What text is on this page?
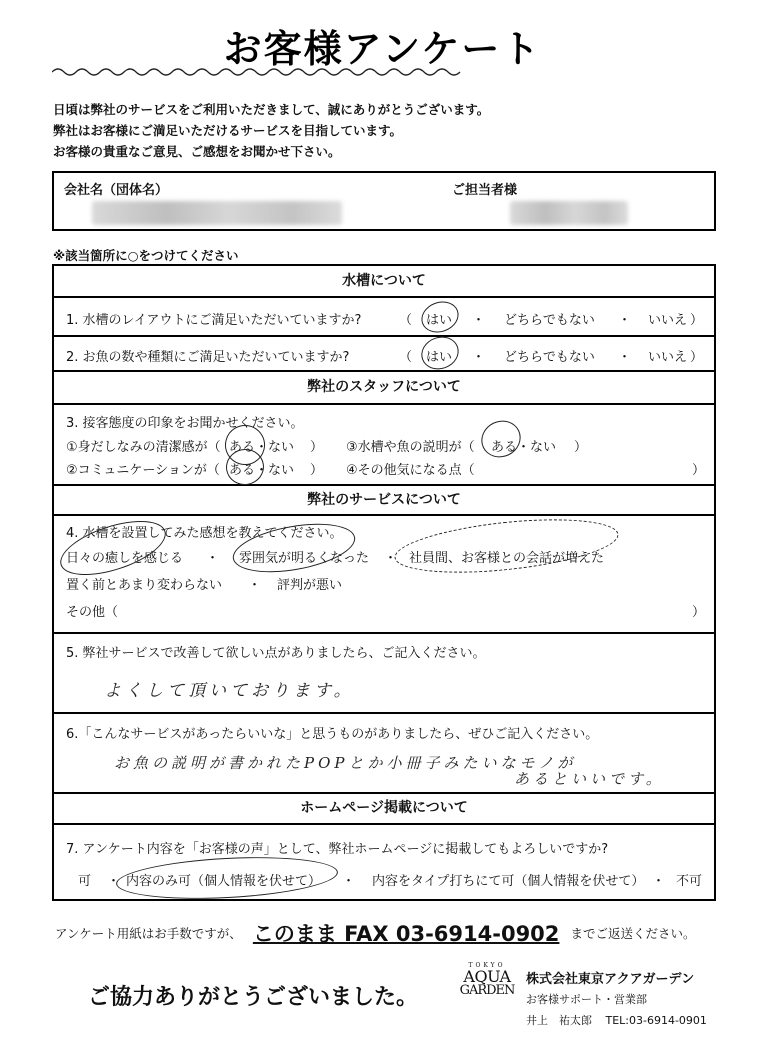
お客様アンケート
日頃は弊社のサービスをご利用いただきまして、誠にありがとうございます。
弊社はお客様にご満足いただけるサービスを目指しています。
お客様の貴重なご意見、ご感想をお聞かせ下さい。
会社名（団体名）	ご担当者様
※該当箇所に○をつけてください
水槽について
1. 水槽のレイアウトにご満足いただいていますか?	（ はい ・ どちらでもない ・ いいえ ）
2. お魚の数や種類にご満足いただいていますか?	（ はい ・ どちらでもない ・ いいえ ）
弊社のスタッフについて
3. 接客態度の印象をお聞かせください。
①身だしなみの清潔感が（ ある・ない ） ③水槽や魚の説明が（ ある・ない ）
②コミュニケーションが（ ある・ない ） ④その他気になる点（	）
弊社のサービスについて
4. 水槽を設置してみた感想を教えてください。
日々の癒しを感じる ・ 雰囲気が明るくなった ・ 社員間、お客様との会話が増えた
置く前とあまり変わらない ・ 評判が悪い
その他（	）
5. 弊社サービスで改善して欲しい点がありましたら、ご記入ください。
よくして頂いております。
6.「こんなサービスがあったらいいな」と思うものがありましたら、ぜひご記入ください。
お魚の説明が書かれたPOPとか小冊子みたいなモノが
あるといいです。
ホームページ掲載について
7. アンケート内容を「お客様の声」として、弊社ホームページに掲載してもよろしいですか?
可 ・ 内容のみ可（個人情報を伏せて） ・ 内容をタイプ打ちにて可（個人情報を伏せて） ・ 不可
アンケート用紙はお手数ですが、 このまま FAX 03-6914-0902 までご返送ください。
ご協力ありがとうございました。
TOKYO
AQUA
GARDEN
株式会社東京アクアガーデン
お客様サポート・営業部
井上　祐太郎 TEL:03-6914-0901
